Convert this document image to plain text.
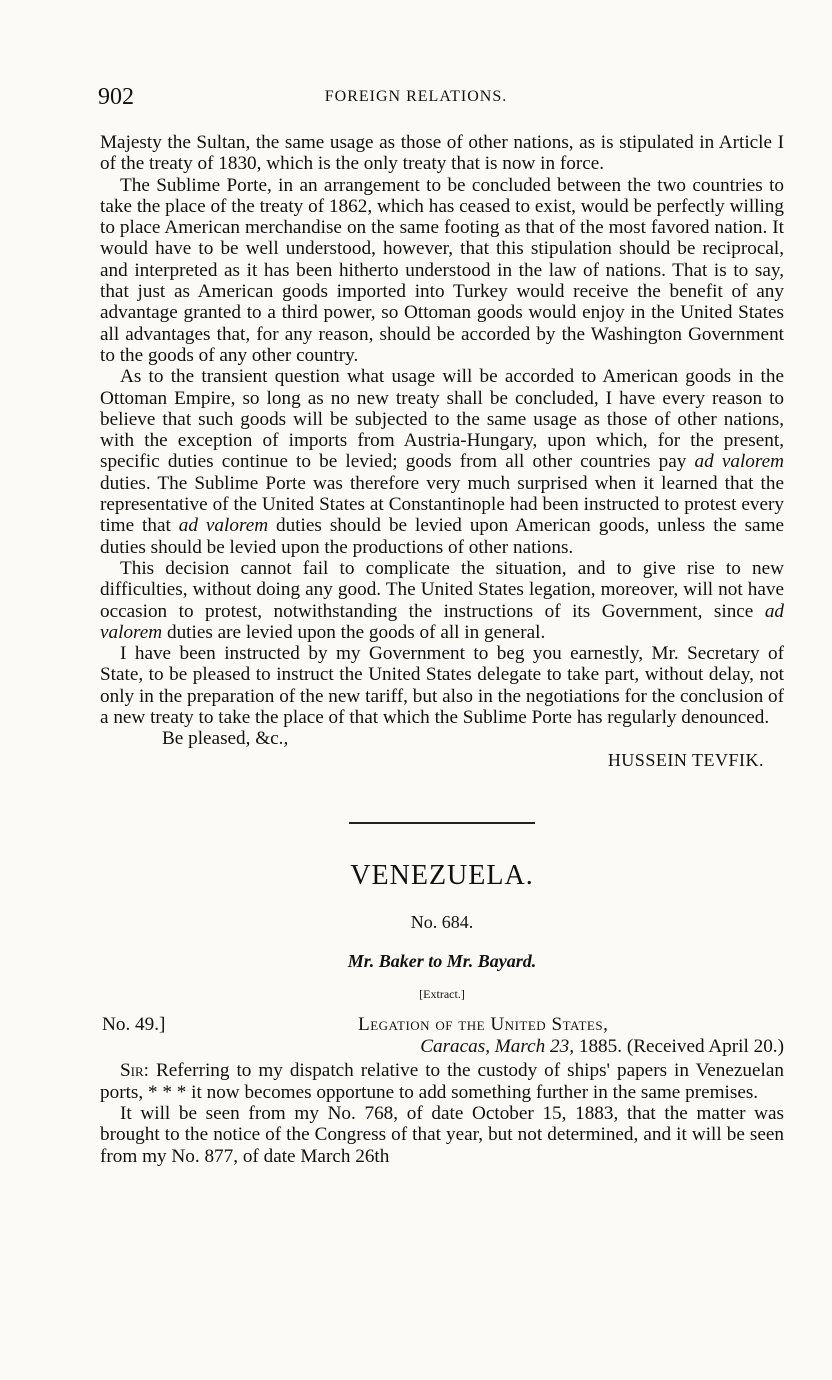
902	FOREIGN RELATIONS.

Majesty the Sultan, the same usage as those of other nations, as is stipulated in Article I of the treaty of 1830, which is the only treaty that is now in force.

The Sublime Porte, in an arrangement to be concluded between the two countries to take the place of the treaty of 1862, which has ceased to exist, would be perfectly willing to place American merchandise on the same footing as that of the most favored nation. It would have to be well understood, however, that this stipulation should be reciprocal, and interpreted as it has been hitherto understood in the law of nations. That is to say, that just as American goods imported into Turkey would receive the benefit of any advantage granted to a third power, so Ottoman goods would enjoy in the United States all advantages that, for any reason, should be accorded by the Washington Government to the goods of any other country.

As to the transient question what usage will be accorded to American goods in the Ottoman Empire, so long as no new treaty shall be concluded, I have every reason to believe that such goods will be subjected to the same usage as those of other nations, with the exception of imports from Austria-Hungary, upon which, for the present, specific duties continue to be levied; goods from all other countries pay ad valorem duties. The Sublime Porte was therefore very much surprised when it learned that the representative of the United States at Constantinople had been instructed to protest every time that ad valorem duties should be levied upon American goods, unless the same duties should be levied upon the productions of other nations.

This decision cannot fail to complicate the situation, and to give rise to new difficulties, without doing any good. The United States legation, moreover, will not have occasion to protest, notwithstanding the instructions of its Government, since ad valorem duties are levied upon the goods of all in general.

I have been instructed by my Government to beg you earnestly, Mr. Secretary of State, to be pleased to instruct the United States delegate to take part, without delay, not only in the preparation of the new tariff, but also in the negotiations for the conclusion of a new treaty to take the place of that which the Sublime Porte has regularly denounced.

Be pleased, &c.,
HUSSEIN TEVFIK.
VENEZUELA.
No. 684.
Mr. Baker to Mr. Bayard.
[Extract.]
No. 49.]	Legation of the United States,
Caracas, March 23, 1885. (Received April 20.)

Sir: Referring to my dispatch relative to the custody of ships' papers in Venezuelan ports, * * * it now becomes opportune to add something further in the same premises.

It will be seen from my No. 768, of date October 15, 1883, that the matter was brought to the notice of the Congress of that year, but not determined, and it will be seen from my No. 877, of date March 26th
